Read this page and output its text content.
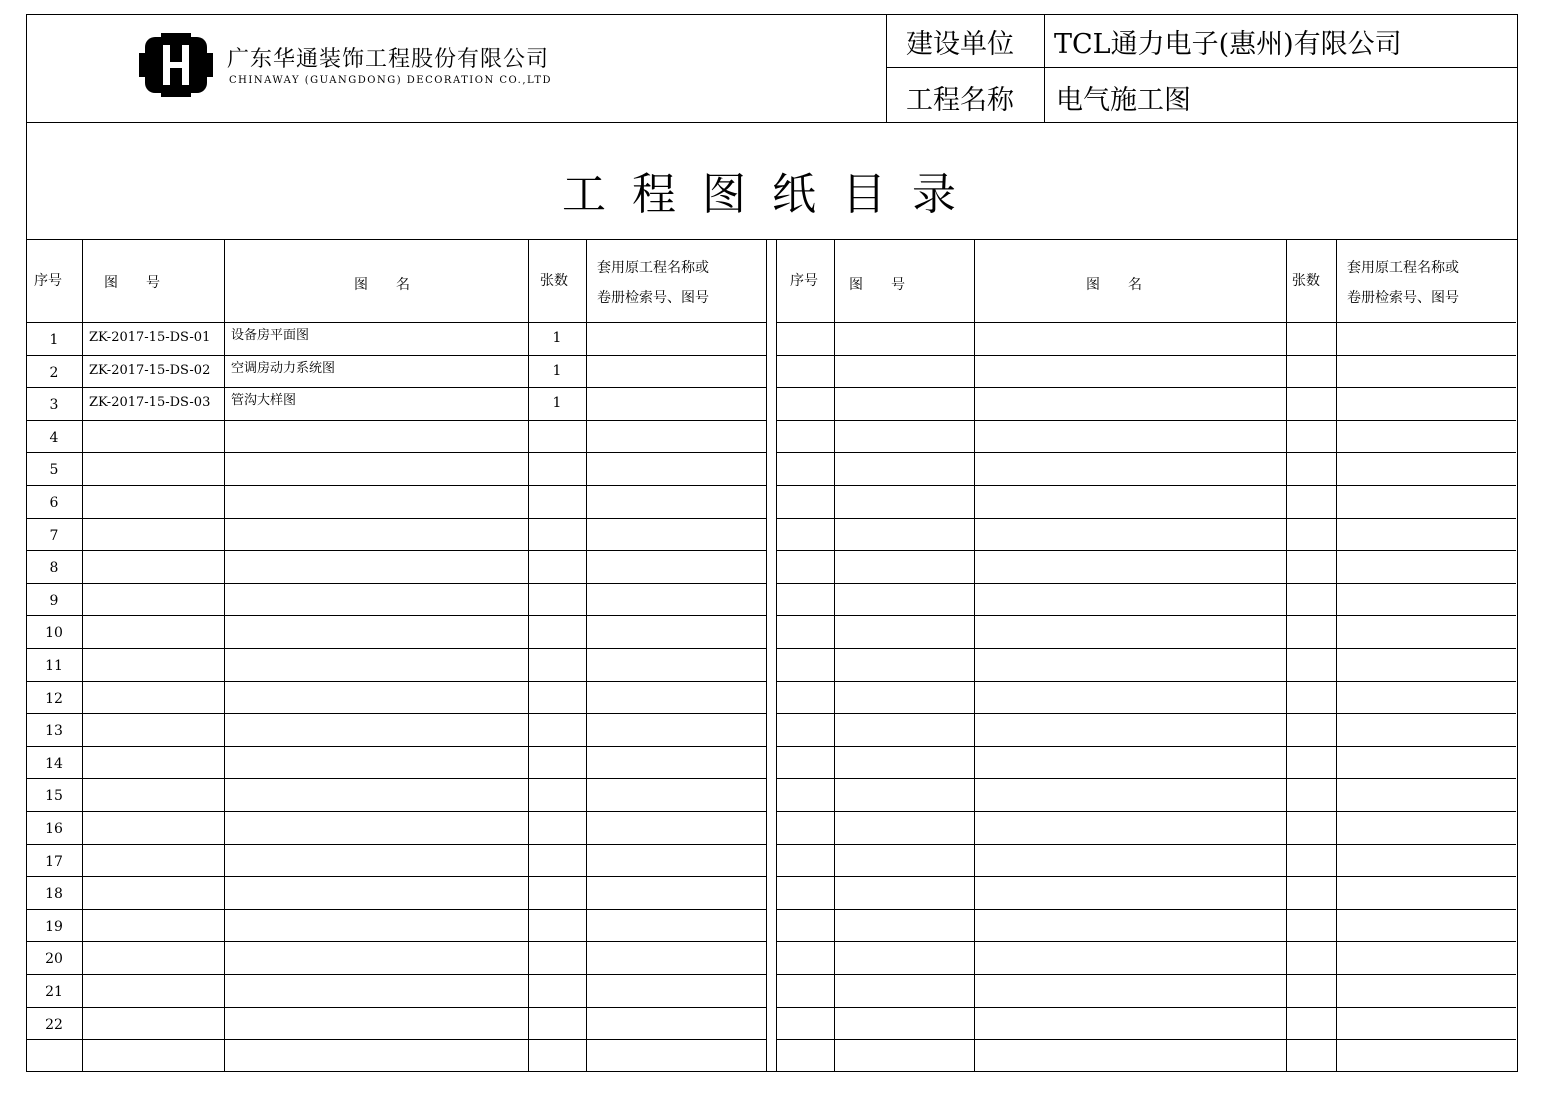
广东华通装饰工程股份有限公司
CHINAWAY (GUANGDONG) DECORATION CO.,LTD
建设单位 TCL通力电子(惠州)有限公司
工程名称 电气施工图
工程图纸目录
序号	图　　号	图　　名	张数
套用原工程名称或
卷册检索号、图号
序号 图　　号	图　　名	张数
套用原工程名称或
卷册检索号、图号
1	ZK-2017-15-DS-01 设备房平面图	1
2	ZK-2017-15-DS-02 空调房动力系统图	1
3	ZK-2017-15-DS-03 管沟大样图	1
4
5
6
7
8
9
10
11
12
13
14
15
16
17
18
19
20
21
22
